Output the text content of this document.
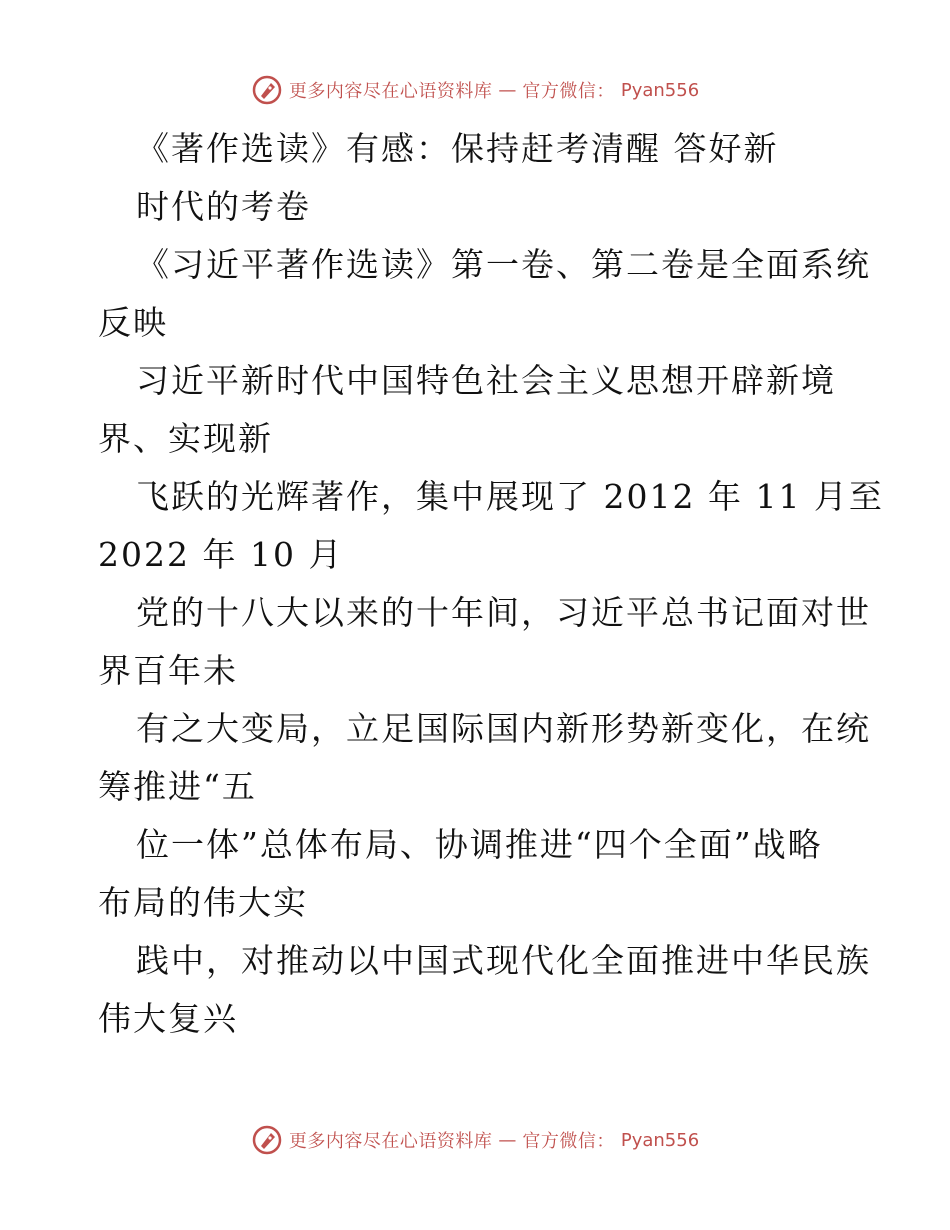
更多内容尽在心语资料库 — 官方微信： Pyan556
《著作选读》有感：保持赶考清醒 答好新
时代的考卷
《习近平著作选读》第一卷、第二卷是全面系统
反映
习近平新时代中国特色社会主义思想开辟新境
界、实现新
飞跃的光辉著作，集中展现了 2012 年 11 月至
2022 年 10 月
党的十八大以来的十年间，习近平总书记面对世
界百年未
有之大变局，立足国际国内新形势新变化，在统
筹推进“五
位一体”总体布局、协调推进“四个全面”战略
布局的伟大实
践中，对推动以中国式现代化全面推进中华民族
伟大复兴
更多内容尽在心语资料库 — 官方微信： Pyan556
